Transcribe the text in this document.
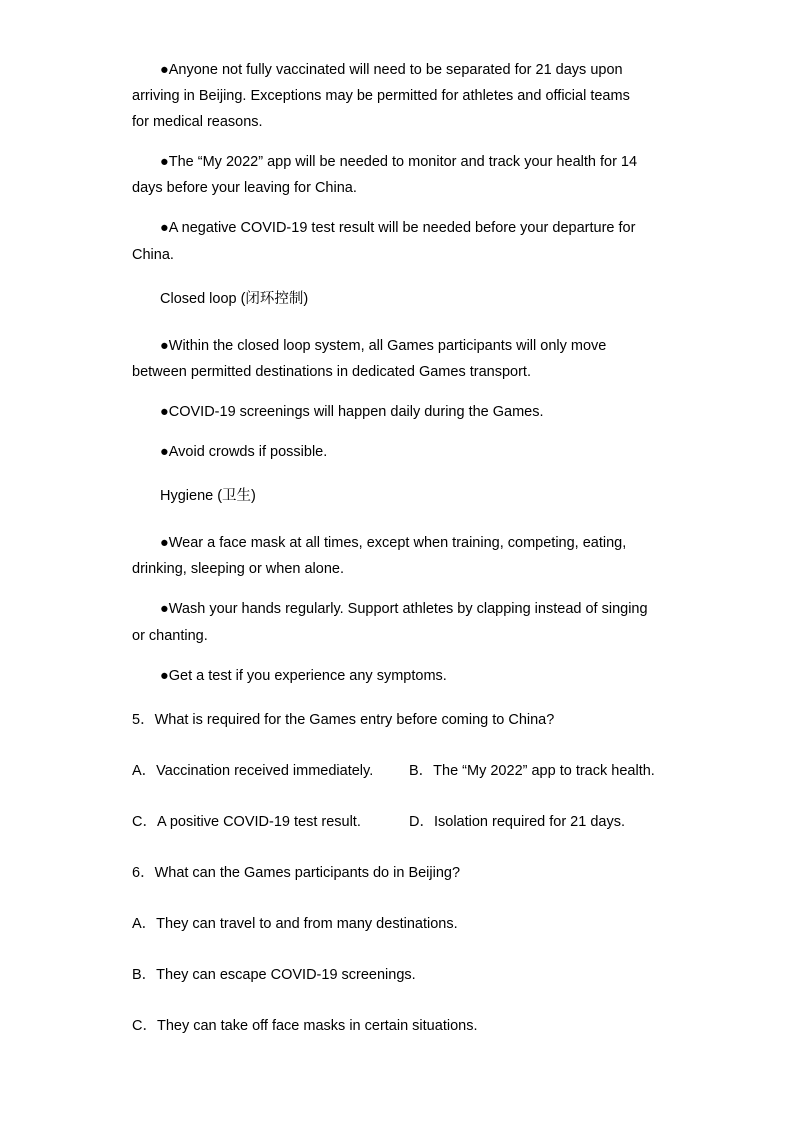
●Anyone not fully vaccinated will need to be separated for 21 days upon
arriving in Beijing. Exceptions may be permitted for athletes and official teams
for medical reasons.
●The “My 2022” app will be needed to monitor and track your health for 14
days before your leaving for China.
●A negative COVID-19 test result will be needed before your departure for
China.
Closed loop (闭环控制)
●Within the closed loop system, all Games participants will only move
between permitted destinations in dedicated Games transport.
●COVID-19 screenings will happen daily during the Games.
●Avoid crowds if possible.
Hygiene (卫生)
●Wear a face mask at all times, except when training, competing, eating,
drinking, sleeping or when alone.
●Wash your hands regularly. Support athletes by clapping instead of singing
or chanting.
●Get a test if you experience any symptoms.
5．What is required for the Games entry before coming to China?
A．Vaccination received immediately.	B．The “My 2022” app to track health.
C．A positive COVID-19 test result.	D．Isolation required for 21 days.
6．What can the Games participants do in Beijing?
A．They can travel to and from many destinations.
B．They can escape COVID-19 screenings.
C．They can take off face masks in certain situations.
